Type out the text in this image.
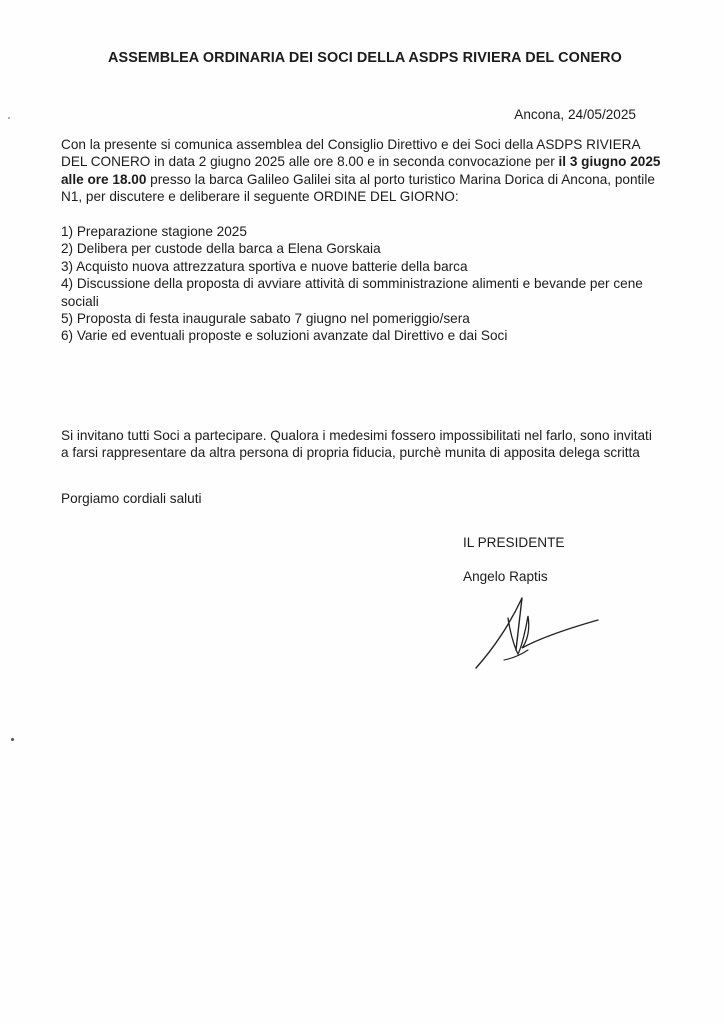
ASSEMBLEA ORDINARIA DEI SOCI DELLA ASDPS RIVIERA DEL CONERO
Ancona, 24/05/2025
Con la presente si comunica assemblea del Consiglio Direttivo e dei Soci della ASDPS RIVIERA DEL CONERO in data 2 giugno 2025 alle ore 8.00 e in seconda convocazione per il 3 giugno 2025 alle ore 18.00 presso la barca Galileo Galilei sita al porto turistico Marina Dorica di Ancona, pontile N1, per discutere e deliberare il seguente ORDINE DEL GIORNO:
1) Preparazione stagione 2025
2) Delibera per custode della barca a Elena Gorskaia
3) Acquisto nuova attrezzatura sportiva e nuove batterie della barca
4) Discussione della proposta di avviare attività di somministrazione alimenti e bevande per cene sociali
5) Proposta di festa inaugurale sabato 7 giugno nel pomeriggio/sera
6) Varie ed eventuali proposte e soluzioni avanzate dal Direttivo e dai Soci
Si invitano tutti Soci a partecipare. Qualora i medesimi fossero impossibilitati nel farlo, sono invitati a farsi rappresentare da altra persona di propria fiducia, purchè munita di apposita delega scritta
Porgiamo cordiali saluti
IL PRESIDENTE
Angelo Raptis
